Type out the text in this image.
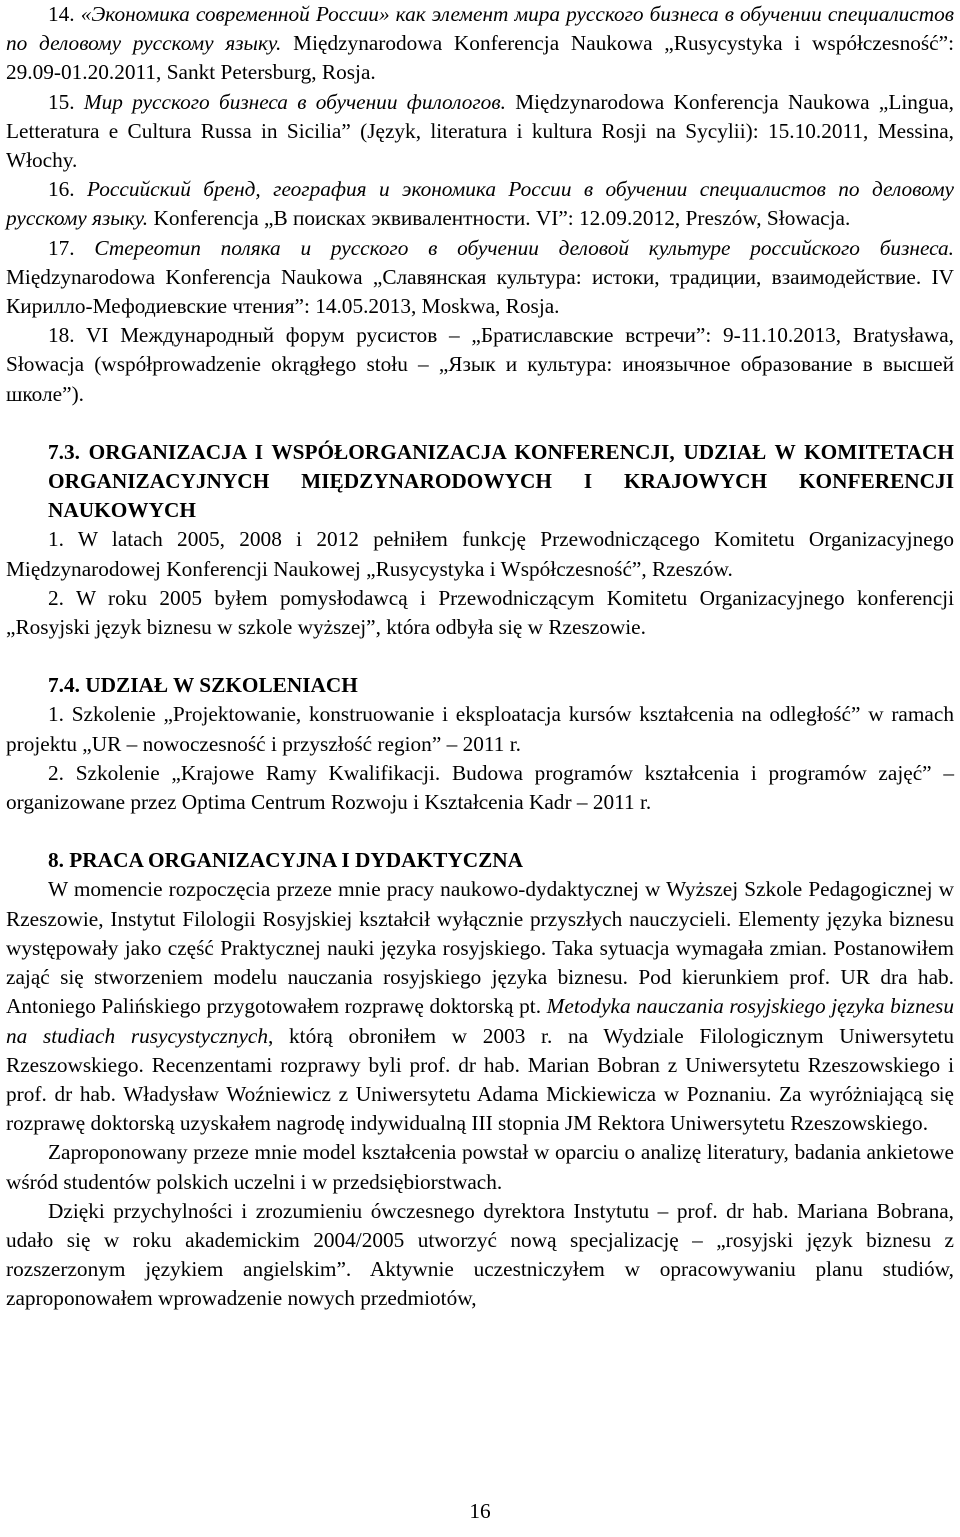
14. «Экономика современной России» как элемент мира русского бизнеса в обучении специалистов по деловому русскому языку. Międzynarodowa Konferencja Naukowa „Rusycystyka i współczesność”: 29.09-01.20.2011, Sankt Petersburg, Rosja.

15. Мир русского бизнеса в обучении филологов. Międzynarodowa Konferencja Naukowa „Lingua, Letteratura e Cultura Russa in Sicilia” (Język, literatura i kultura Rosji na Sycylii): 15.10.2011, Messina, Włochy.

16. Российский бренд, география и экономика России в обучении специалистов по деловому русскому языку. Konferencja „В поисках эквивалентности. VI”: 12.09.2012, Preszów, Słowacja.

17. Стереотип поляка и русского в обучении деловой культуре российского бизнеса. Międzynarodowa Konferencja Naukowa „Славянская культура: истоки, традиции, взаимодействие. IV Кирилло-Мефодиевские чтения”: 14.05.2013, Moskwa, Rosja.

18. VI Международный форум русистов – „Братиславские встречи”: 9-11.10.2013, Bratysława, Słowacja (współprowadzenie okrągłego stołu – „Язык и культура: иноязычное образование в высшей школе”).

7.3. ORGANIZACJA I WSPÓŁORGANIZACJA KONFERENCJI, UDZIAŁ W KOMITETACH ORGANIZACYJNYCH MIĘDZYNARODOWYCH I KRAJOWYCH KONFERENCJI NAUKOWYCH

1. W latach 2005, 2008 i 2012 pełniłem funkcję Przewodniczącego Komitetu Organizacyjnego Międzynarodowej Konferencji Naukowej „Rusycystyka i Współczesność”, Rzeszów.

2. W roku 2005 byłem pomysłodawcą i Przewodniczącym Komitetu Organizacyjnego konferencji „Rosyjski język biznesu w szkole wyższej”, która odbyła się w Rzeszowie.

7.4. UDZIAŁ W SZKOLENIACH

1. Szkolenie „Projektowanie, konstruowanie i eksploatacja kursów kształcenia na odległość” w ramach projektu „UR – nowoczesność i przyszłość region” – 2011 r.

2. Szkolenie „Krajowe Ramy Kwalifikacji. Budowa programów kształcenia i programów zajęć” – organizowane przez Optima Centrum Rozwoju i Kształcenia Kadr – 2011 r.

8. PRACA ORGANIZACYJNA I DYDAKTYCZNA

W momencie rozpoczęcia przeze mnie pracy naukowo-dydaktycznej w Wyższej Szkole Pedagogicznej w Rzeszowie, Instytut Filologii Rosyjskiej kształcił wyłącznie przyszłych nauczycieli. Elementy języka biznesu występowały jako część Praktycznej nauki języka rosyjskiego. Taka sytuacja wymagała zmian. Postanowiłem zająć się stworzeniem modelu nauczania rosyjskiego języka biznesu. Pod kierunkiem prof. UR dra hab. Antoniego Palińskiego przygotowałem rozprawę doktorską pt. Metodyka nauczania rosyjskiego języka biznesu na studiach rusycystycznych, którą obroniłem w 2003 r. na Wydziale Filologicznym Uniwersytetu Rzeszowskiego. Recenzentami rozprawy byli prof. dr hab. Marian Bobran z Uniwersytetu Rzeszowskiego i prof. dr hab. Władysław Woźniewicz z Uniwersytetu Adama Mickiewicza w Poznaniu. Za wyróżniającą się rozprawę doktorską uzyskałem nagrodę indywidualną III stopnia JM Rektora Uniwersytetu Rzeszowskiego.

Zaproponowany przeze mnie model kształcenia powstał w oparciu o analizę literatury, badania ankietowe wśród studentów polskich uczelni i w przedsiębiorstwach.

Dzięki przychylności i zrozumieniu ówczesnego dyrektora Instytutu – prof. dr hab. Mariana Bobrana, udało się w roku akademickim 2004/2005 utworzyć nową specjalizację – „rosyjski język biznesu z rozszerzonym językiem angielskim”. Aktywnie uczestniczyłem w opracowywaniu planu studiów, zaproponowałem wprowadzenie nowych przedmiotów,

16
